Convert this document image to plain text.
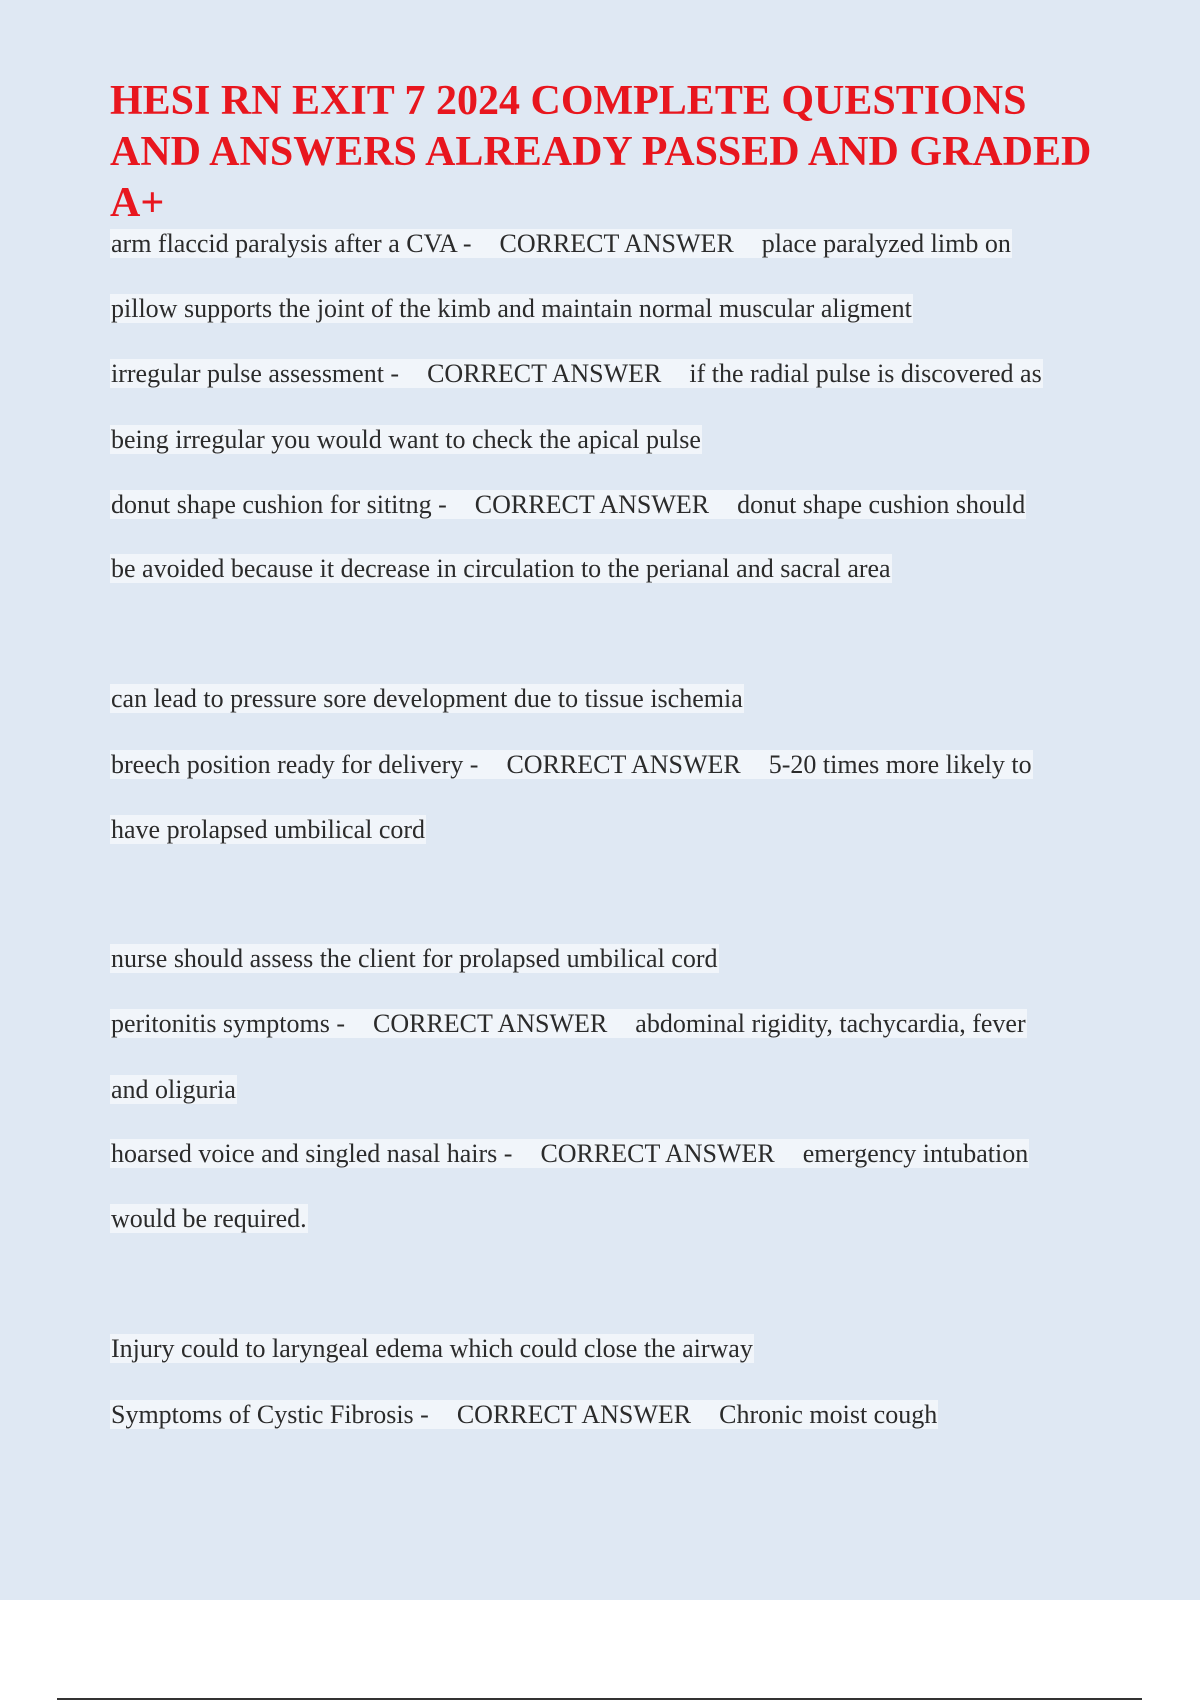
HESI RN EXIT 7 2024 COMPLETE QUESTIONS AND ANSWERS ALREADY PASSED AND GRADED A+
arm flaccid paralysis after a CVA - CORRECT ANSWER place paralyzed limb on
pillow supports the joint of the kimb and maintain normal muscular aligment
irregular pulse assessment - CORRECT ANSWER if the radial pulse is discovered as
being irregular you would want to check the apical pulse
donut shape cushion for sititng - CORRECT ANSWER donut shape cushion should
be avoided because it decrease in circulation to the perianal and sacral area
can lead to pressure sore development due to tissue ischemia
breech position ready for delivery - CORRECT ANSWER 5-20 times more likely to
have prolapsed umbilical cord
nurse should assess the client for prolapsed umbilical cord
peritonitis symptoms - CORRECT ANSWER abdominal rigidity, tachycardia, fever
and oliguria
hoarsed voice and singled nasal hairs - CORRECT ANSWER emergency intubation
would be required.
Injury could to laryngeal edema which could close the airway
Symptoms of Cystic Fibrosis - CORRECT ANSWER Chronic moist cough
